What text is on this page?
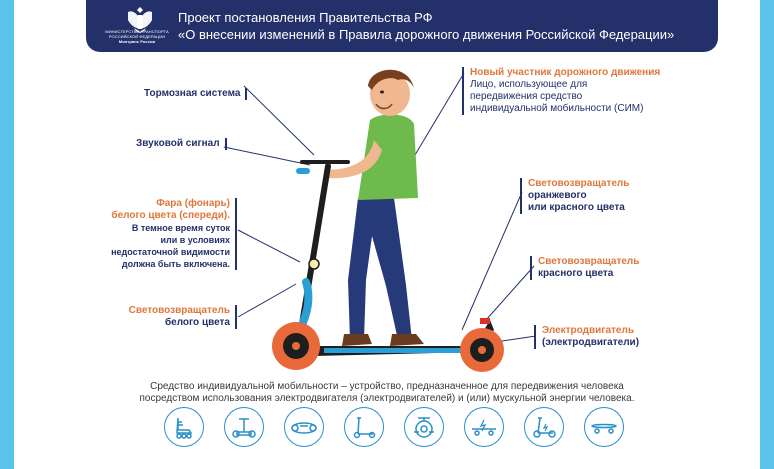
МИНИСТЕРСТВО ТРАНСПОРТА РОССИЙСКОЙ ФЕДЕРАЦИИ
Минтранс России
Проект постановления Правительства РФ
«О внесении изменений в Правила дорожного движения Российской Федерации»
Тормозная система
Звуковой сигнал
Фара (фонарь)
белого цвета (спереди).
В темное время суток
или в условиях
недостаточной видимости
должна быть включена.
Световозвращатель
белого цвета
Новый участник дорожного движения
Лицо, использующее для
передвижения средство
индивидуальной мобильности (СИМ)
Световозвращатель
оранжевого
или красного цвета
Световозвращатель
красного цвета
Электродвигатель
(электродвигатели)
Средство индивидуальной мобильности – устройство, предназначенное для передвижения человека
посредством использования электродвигателя (электродвигателей) и (или) мускульной энергии человека.
